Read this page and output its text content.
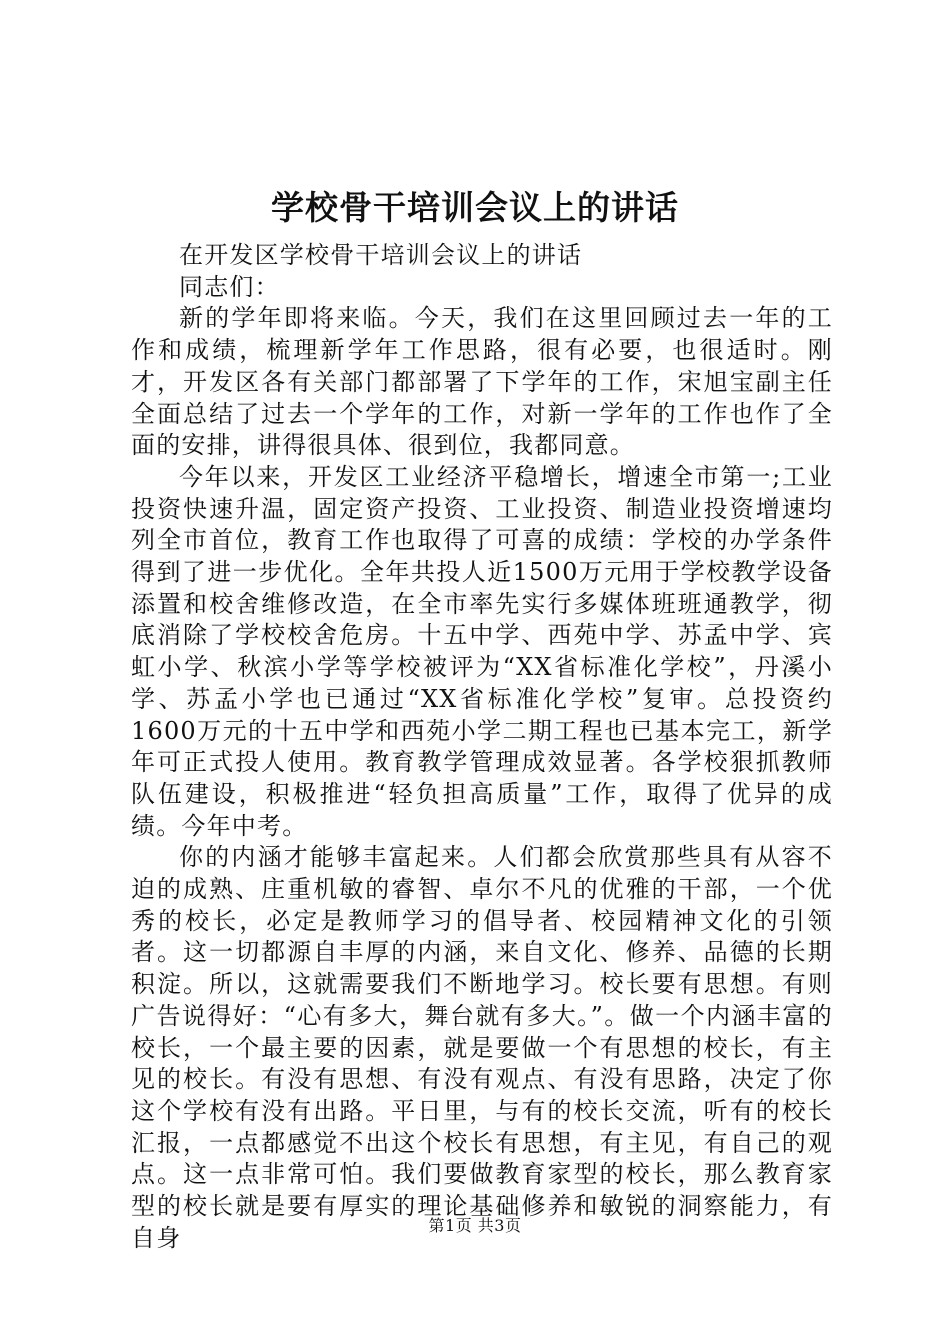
学校骨干培训会议上的讲话

在开发区学校骨干培训会议上的讲话

同志们：

新的学年即将来临。今天，我们在这里回顾过去一年的工作和成绩，梳理新学年工作思路，很有必要，也很适时。刚才，开发区各有关部门都部署了下学年的工作，宋旭宝副主任全面总结了过去一个学年的工作，对新一学年的工作也作了全面的安排，讲得很具体、很到位，我都同意。

今年以来，开发区工业经济平稳增长，增速全市第一;工业投资快速升温，固定资产投资、工业投资、制造业投资增速均列全市首位，教育工作也取得了可喜的成绩：学校的办学条件得到了进一步优化。全年共投人近1500万元用于学校教学设备添置和校舍维修改造，在全市率先实行多媒体班班通教学，彻底消除了学校校舍危房。十五中学、西苑中学、苏孟中学、宾虹小学、秋滨小学等学校被评为“XX省标准化学校”，丹溪小学、苏孟小学也已通过“XX省标准化学校”复审。总投资约1600万元的十五中学和西苑小学二期工程也已基本完工，新学年可正式投人使用。教育教学管理成效显著。各学校狠抓教师队伍建设，积极推进“轻负担高质量”工作，取得了优异的成绩。今年中考。

你的内涵才能够丰富起来。人们都会欣赏那些具有从容不迫的成熟、庄重机敏的睿智、卓尔不凡的优雅的干部，一个优秀的校长，必定是教师学习的倡导者、校园精神文化的引领者。这一切都源自丰厚的内涵，来自文化、修养、品德的长期积淀。所以，这就需要我们不断地学习。校长要有思想。有则广告说得好：“心有多大，舞台就有多大。”。做一个内涵丰富的校长，一个最主要的因素，就是要做一个有思想的校长，有主见的校长。有没有思想、有没有观点、有没有思路，决定了你这个学校有没有出路。平日里，与有的校长交流，听有的校长汇报，一点都感觉不出这个校长有思想，有主见，有自己的观点。这一点非常可怕。我们要做教育家型的校长，那么教育家型的校长就是要有厚实的理论基础修养和敏锐的洞察能力，有自身	第1页 共3页
